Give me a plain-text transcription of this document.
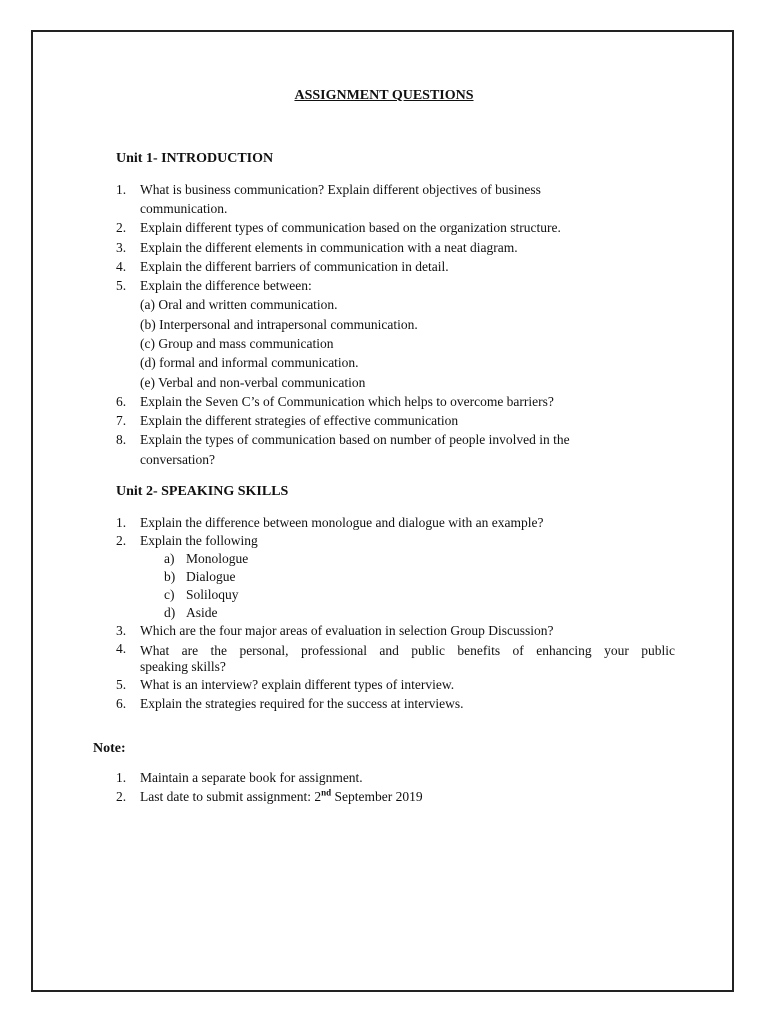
ASSIGNMENT QUESTIONS
Unit 1- INTRODUCTION
1.	What is business communication? Explain different objectives of business
communication.
2.	Explain different types of communication based on the organization structure.
3.	Explain the different elements in communication with a neat diagram.
4.	Explain the different barriers of communication in detail.
5.	Explain the difference between:
(a) Oral and written communication.
(b) Interpersonal and intrapersonal communication.
(c) Group and mass communication
(d) formal and informal communication.
(e) Verbal and non-verbal communication
6.	Explain the Seven C’s of Communication which helps to overcome barriers?
7.	Explain the different strategies of effective communication
8.	Explain the types of communication based on number of people involved in the
conversation?
Unit 2- SPEAKING SKILLS
1.	Explain the difference between monologue and dialogue with an example?
2.	Explain the following
a) Monologue
b) Dialogue
c) Soliloquy
d) Aside
3.	Which are the four major areas of evaluation in selection Group Discussion?
4.	What are the personal, professional and public benefits of enhancing your public
speaking skills?
5.	What is an interview? explain different types of interview.
6.	Explain the strategies required for the success at interviews.
Note:
1.	Maintain a separate book for assignment.
2.	Last date to submit assignment: 2nd September 2019
